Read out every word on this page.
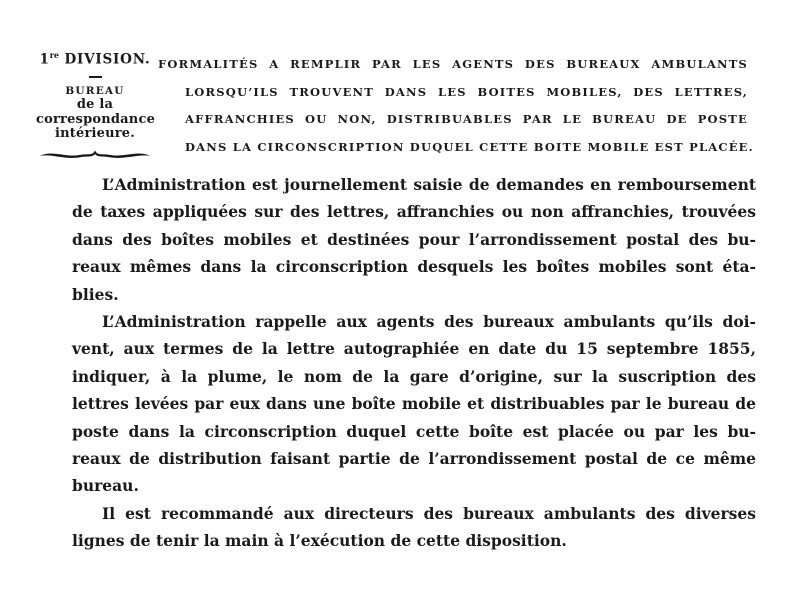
1re DIVISION.
BUREAU
de la
correspondance
intérieure.
FORMALITÉS A REMPLIR PAR LES AGENTS DES BUREAUX AMBULANTS
LORSQU’ILS TROUVENT DANS LES BOITES MOBILES, DES LETTRES,
AFFRANCHIES OU NON, DISTRIBUABLES PAR LE BUREAU DE POSTE
DANS LA CIRCONSCRIPTION DUQUEL CETTE BOITE MOBILE EST PLACÉE.
L’Administration est journellement saisie de demandes en remboursement
de taxes appliquées sur des lettres, affranchies ou non affranchies, trouvées
dans des boîtes mobiles et destinées pour l’arrondissement postal des bu-
reaux mêmes dans la circonscription desquels les boîtes mobiles sont éta-
blies.
L’Administration rappelle aux agents des bureaux ambulants qu’ils doi-
vent, aux termes de la lettre autographiée en date du 15 septembre 1855,
indiquer, à la plume, le nom de la gare d’origine, sur la suscription des
lettres levées par eux dans une boîte mobile et distribuables par le bureau de
poste dans la circonscription duquel cette boîte est placée ou par les bu-
reaux de distribution faisant partie de l’arrondissement postal de ce même
bureau.
Il est recommandé aux directeurs des bureaux ambulants des diverses
lignes de tenir la main à l’exécution de cette disposition.
